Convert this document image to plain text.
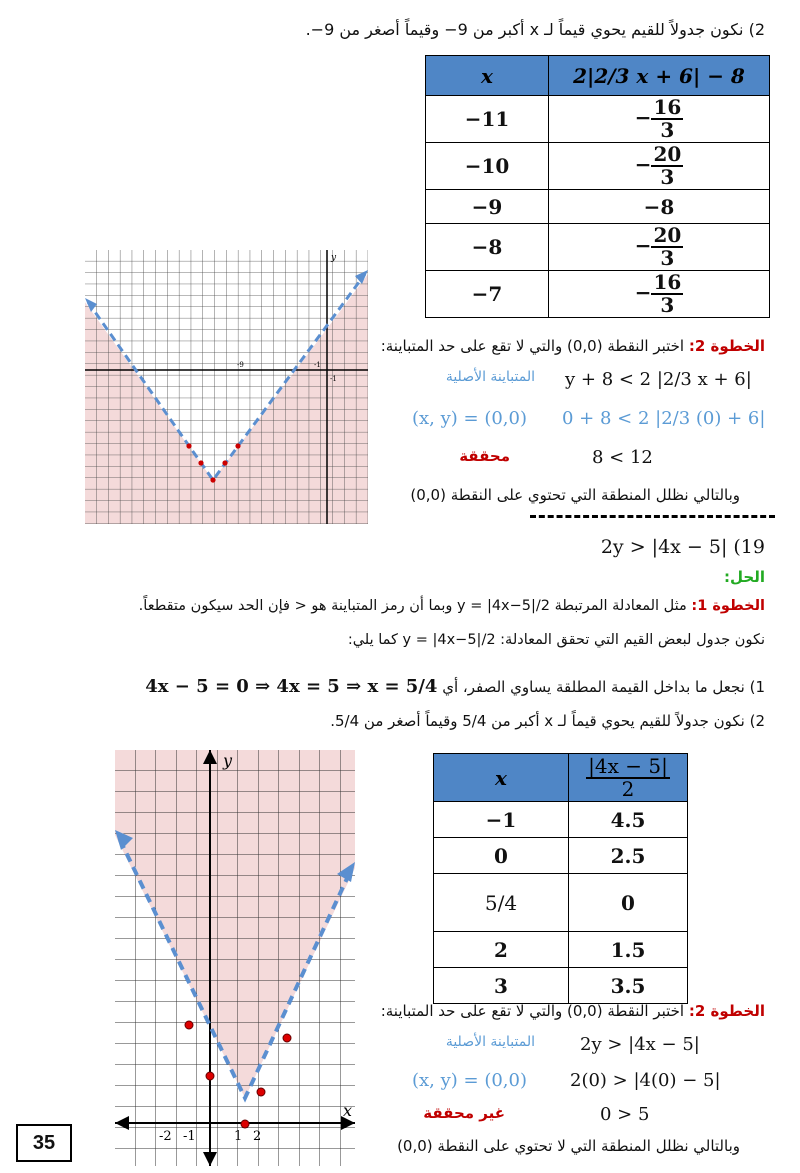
2) نكون جدولاً للقيم يحوي قيماً لـ x أكبر من 9− وقيماً أصغر من 9−.
x	2|2/3 x + 6| − 8
−11	− $\frac{16}{3}$

−10	− $\frac{20}{3}$

−9	−8
−8	− $\frac{20}{3}$

−7	− $\frac{16}{3}$
y
-9	-1
-1
الخطوة 2: اختبر النقطة (0,0) والتي لا تقع على حد المتباينة:
المتباينة الأصلية y + 8 < 2 |2/3 x + 6|
(x, y) = (0,0) 0 + 8 < 2 |2/3 (0) + 6|
محققة	8 < 12
وبالتالي نظلل المنطقة التي تحتوي على النقطة (0,0)
2y > |4x − 5| (19
الحل:
الخطوة 1: مثل المعادلة المرتبطة y = |4x−5|/2 وبما أن رمز المتباينة هو < فإن الحد سيكون متقطعاً.
نكون جدول لبعض القيم التي تحقق المعادلة: y = |4x−5|/2 كما يلي:
1) نجعل ما بداخل القيمة المطلقة يساوي الصفر، أي 4x − 5 = 0 ⇒ 4x = 5 ⇒ x = 5/4
2) نكون جدولاً للقيم يحوي قيماً لـ x أكبر من 5/4 وقيماً أصغر من 5/4.
y
x
-2 -1	1 2
x	$\frac{|4x - 5|}{2}$

−1	4.5
0	2.5
5/4	0
2	1.5
3	3.5
الخطوة 2: اختبر النقطة (0,0) والتي لا تقع على حد المتباينة:
المتباينة الأصلية	2y > |4x − 5|
(x, y) = (0,0) 2(0) > |4(0) − 5|
غير محققة	0 > 5
وبالتالي نظلل المنطقة التي لا تحتوي على النقطة (0,0)
35
